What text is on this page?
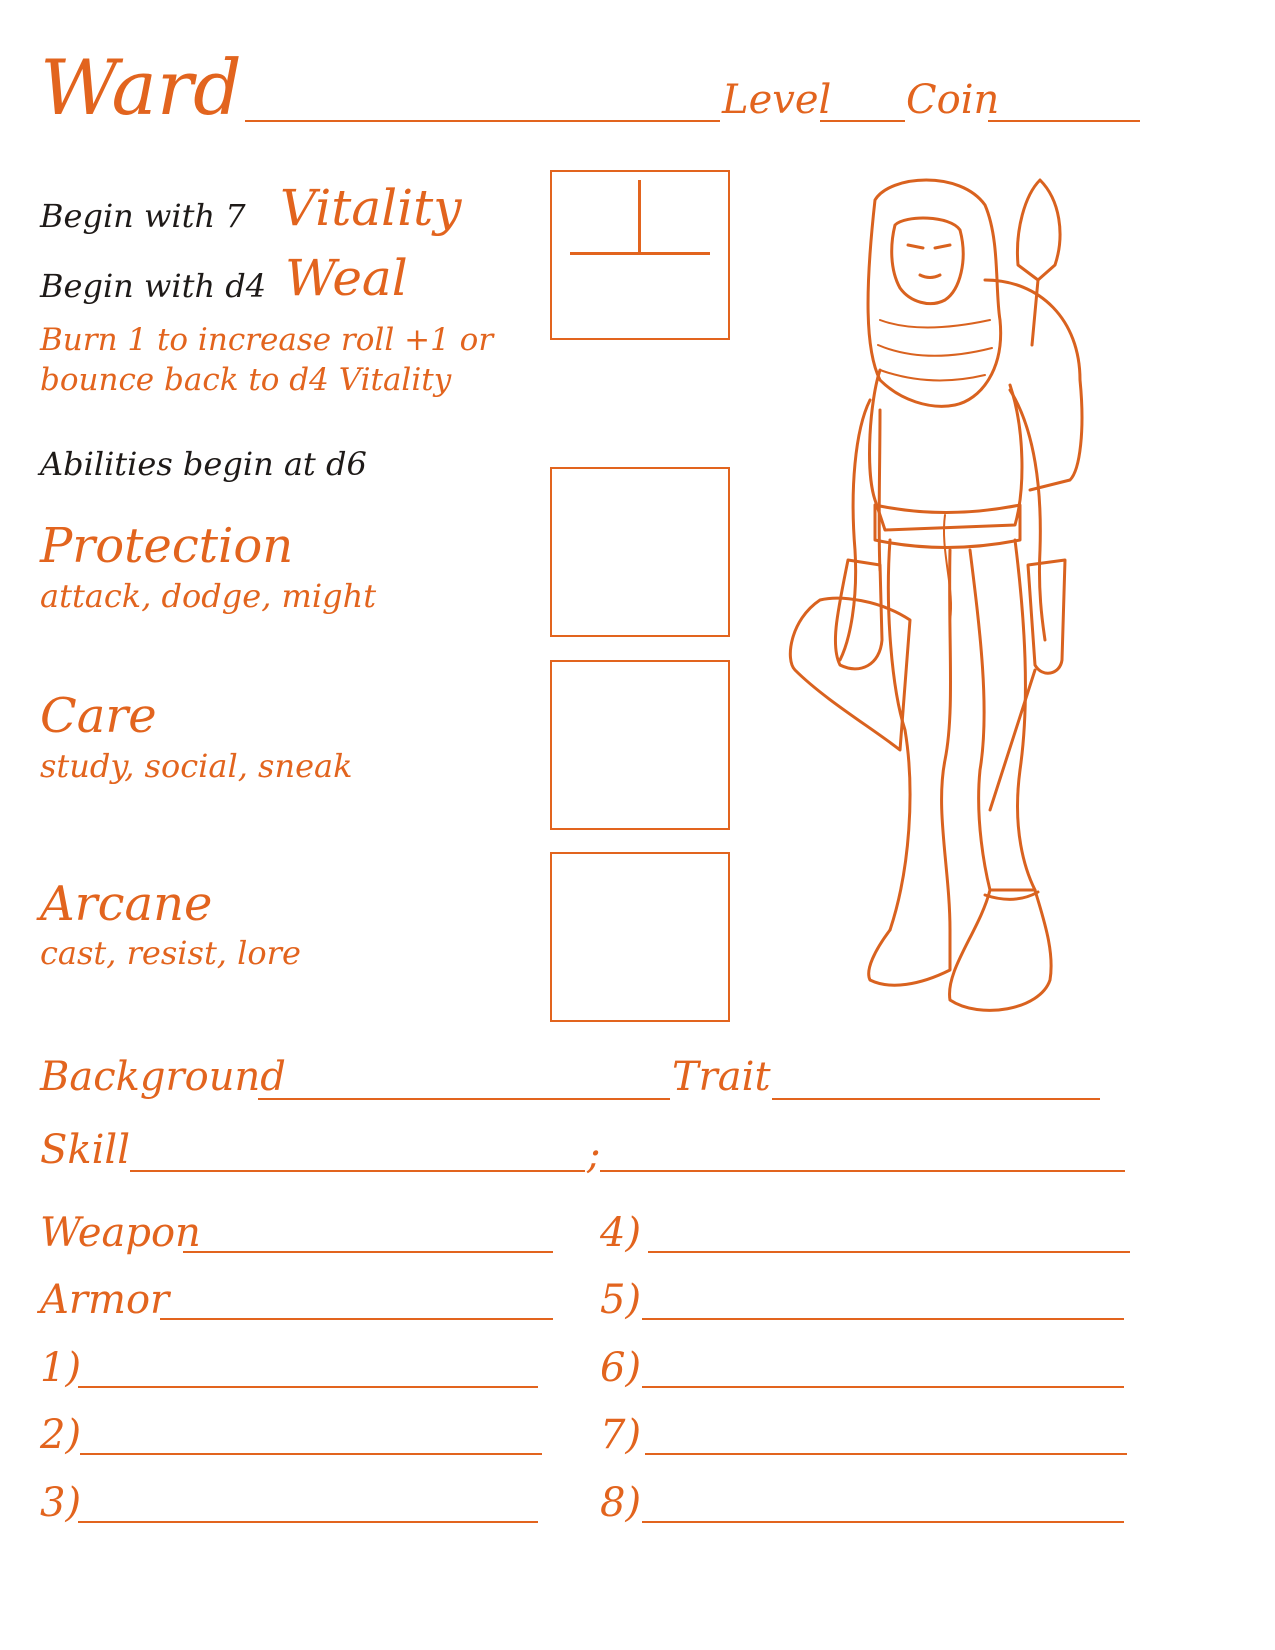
Ward	Level Coin
Begin with 7 Vitality
Begin with d4 Weal
Burn 1 to increase roll +1 or
bounce back to d4 Vitality
Abilities begin at d6
Protection
attack, dodge, might
Care
study, social, sneak
Arcane
cast, resist, lore
Background	Trait
Skill	;
Weapon
Armor
1)
2)
3)
4)
5)
6)
7)
8)
